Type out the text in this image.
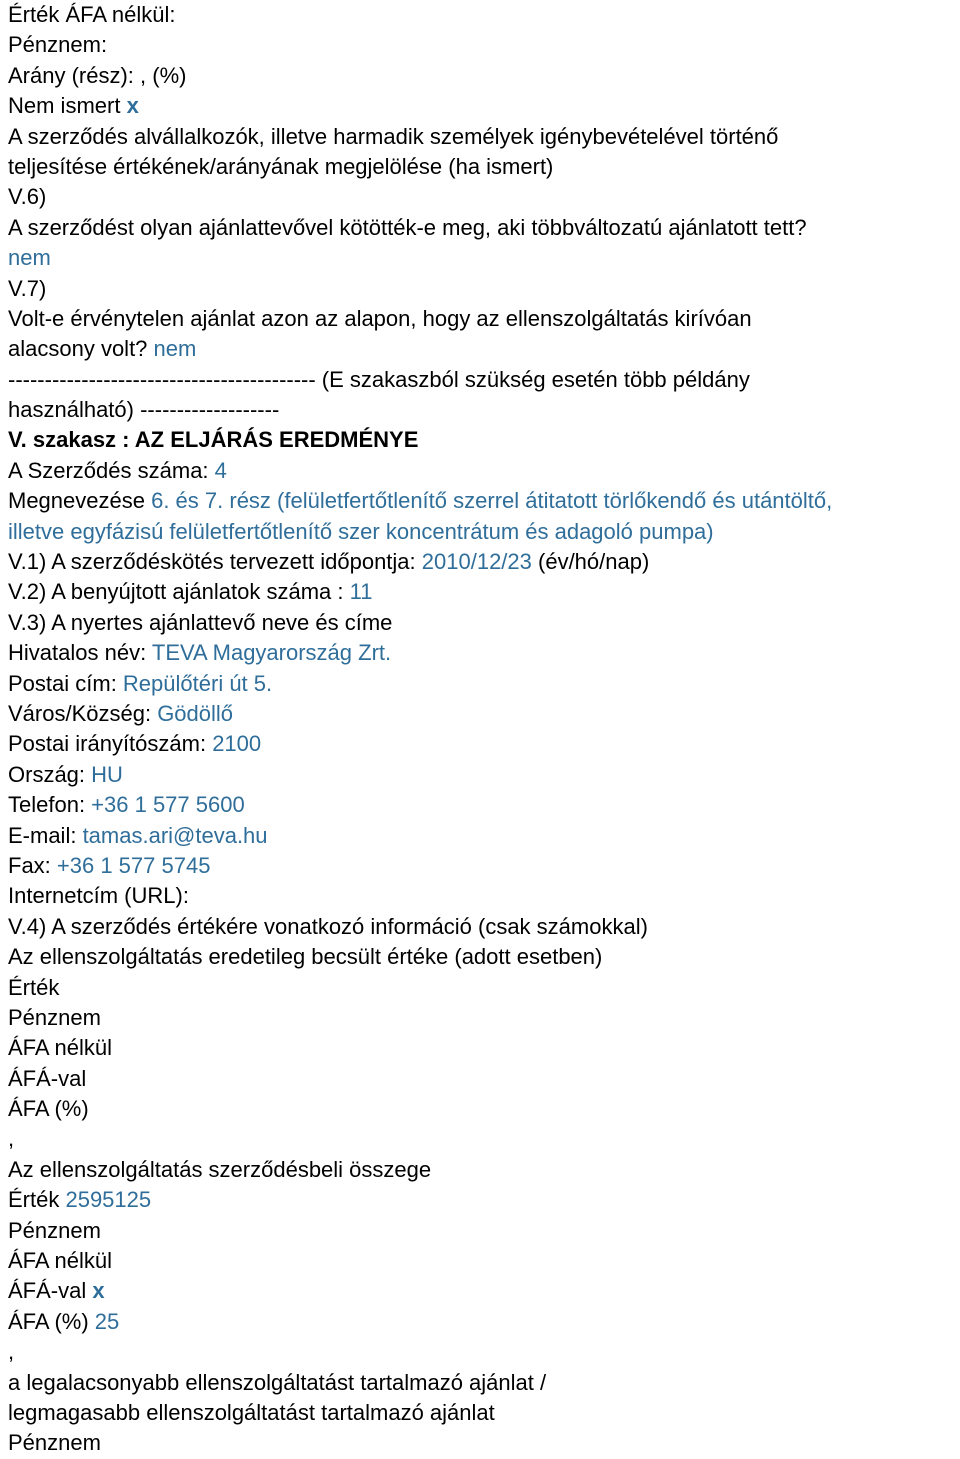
Érték ÁFA nélkül:
Pénznem:
Arány (rész): , (%)
Nem ismert x
A szerződés alvállalkozók, illetve harmadik személyek igénybevételével történő
teljesítése értékének/arányának megjelölése (ha ismert)
V.6)
A szerződést olyan ajánlattevővel kötötték-e meg, aki többváltozatú ajánlatott tett?
nem
V.7)
Volt-e érvénytelen ajánlat azon az alapon, hogy az ellenszolgáltatás kirívóan
alacsony volt? nem
------------------------------------------ (E szakaszból szükség esetén több példány
használható) -------------------
V. szakasz : AZ ELJÁRÁS EREDMÉNYE
A Szerződés száma: 4
Megnevezése 6. és 7. rész (felületfertőtlenítő szerrel átitatott törlőkendő és utántöltő,
illetve egyfázisú felületfertőtlenítő szer koncentrátum és adagoló pumpa)
V.1) A szerződéskötés tervezett időpontja: 2010/12/23 (év/hó/nap)
V.2) A benyújtott ajánlatok száma : 11
V.3) A nyertes ajánlattevő neve és címe
Hivatalos név: TEVA Magyarország Zrt.
Postai cím: Repülőtéri út 5.
Város/Község: Gödöllő
Postai irányítószám: 2100
Ország: HU
Telefon: +36 1 577 5600
E-mail: tamas.ari@teva.hu
Fax: +36 1 577 5745
Internetcím (URL):
V.4) A szerződés értékére vonatkozó információ (csak számokkal)
Az ellenszolgáltatás eredetileg becsült értéke (adott esetben)
Érték
Pénznem
ÁFA nélkül
ÁFÁ-val
ÁFA (%)
,
Az ellenszolgáltatás szerződésbeli összege
Érték 2595125
Pénznem
ÁFA nélkül
ÁFÁ-val x
ÁFA (%) 25
,
a legalacsonyabb ellenszolgáltatást tartalmazó ajánlat /
legmagasabb ellenszolgáltatást tartalmazó ajánlat
Pénznem
